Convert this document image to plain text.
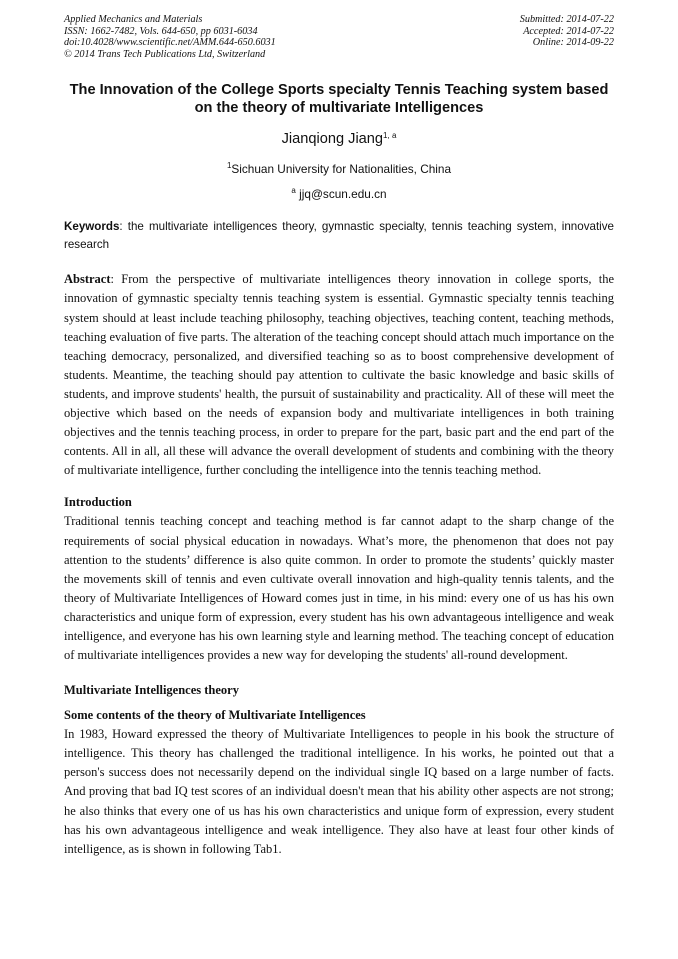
Applied Mechanics and Materials
ISSN: 1662-7482, Vols. 644-650, pp 6031-6034
doi:10.4028/www.scientific.net/AMM.644-650.6031
© 2014 Trans Tech Publications Ltd, Switzerland
Submitted: 2014-07-22
Accepted: 2014-07-22
Online: 2014-09-22
The Innovation of the College Sports specialty Tennis Teaching system based on the theory of multivariate Intelligences
Jianqiong Jiang$^{1, a}$
$^1$Sichuan University for Nationalities, China
$^a$ jjq@scun.edu.cn
Keywords: the multivariate intelligences theory, gymnastic specialty, tennis teaching system, innovative research
Abstract: From the perspective of multivariate intelligences theory innovation in college sports, the innovation of gymnastic specialty tennis teaching system is essential. Gymnastic specialty tennis teaching system should at least include teaching philosophy, teaching objectives, teaching content, teaching methods, teaching evaluation of five parts. The alteration of the teaching concept should attach much importance on the teaching democracy, personalized, and diversified teaching so as to boost comprehensive development of students. Meantime, the teaching should pay attention to cultivate the basic knowledge and basic skills of students, and improve students' health, the pursuit of sustainability and practicality. All of these will meet the objective which based on the needs of expansion body and multivariate intelligences in both training objectives and the tennis teaching process, in order to prepare for the part, basic part and the end part of the contents. All in all, all these will advance the overall development of students and combining with the theory of multivariate intelligence, further concluding the intelligence into the tennis teaching method.
Introduction
Traditional tennis teaching concept and teaching method is far cannot adapt to the sharp change of the requirements of social physical education in nowadays. What’s more, the phenomenon that does not pay attention to the students’ difference is also quite common. In order to promote the students’ quickly master the movements skill of tennis and even cultivate overall innovation and high-quality tennis talents, and the theory of Multivariate Intelligences of Howard comes just in time, in his mind: every one of us has his own characteristics and unique form of expression, every student has his own advantageous intelligence and weak intelligence, and everyone has his own learning style and learning method. The teaching concept of education of multivariate intelligences provides a new way for developing the students' all-round development.
Multivariate Intelligences theory
Some contents of the theory of Multivariate Intelligences
In 1983, Howard expressed the theory of Multivariate Intelligences to people in his book the structure of intelligence. This theory has challenged the traditional intelligence. In his works, he pointed out that a person's success does not necessarily depend on the individual single IQ based on a large number of facts. And proving that bad IQ test scores of an individual doesn't mean that his ability other aspects are not strong; he also thinks that every one of us has his own characteristics and unique form of expression, every student has his own advantageous intelligence and weak intelligence. They also have at least four other kinds of intelligence, as is shown in following Tab1.
